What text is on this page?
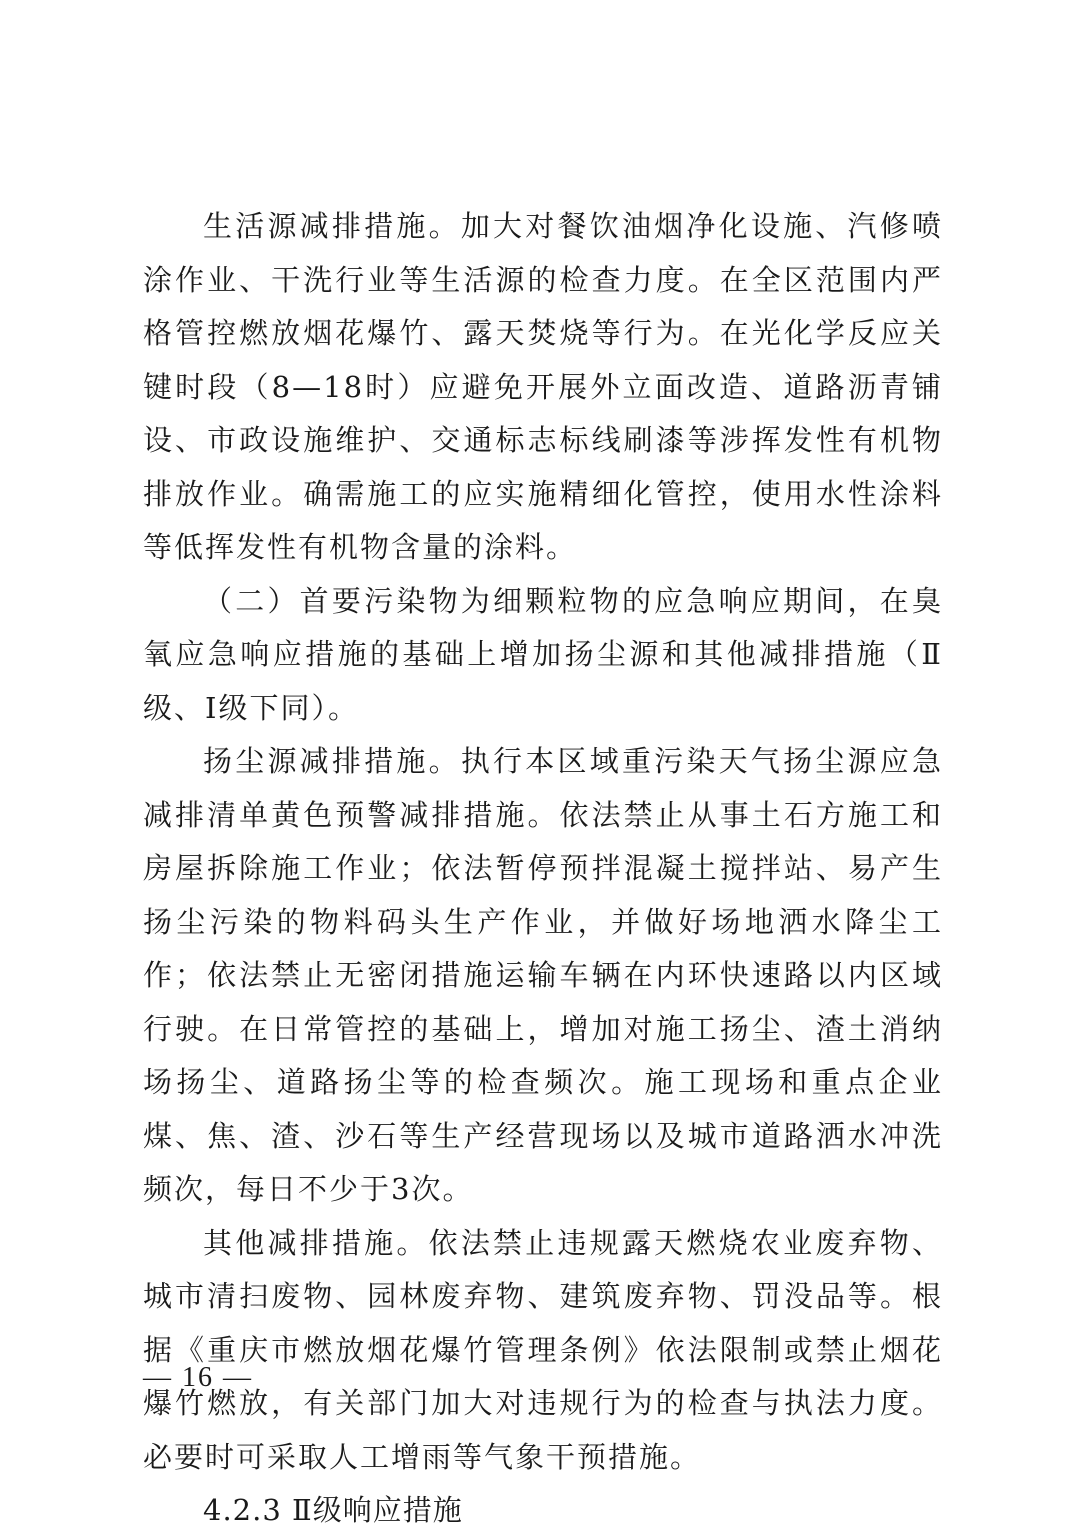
生活源减排措施。加大对餐饮油烟净化设施、汽修喷涂作业、干洗行业等生活源的检查力度。在全区范围内严格管控燃放烟花爆竹、露天焚烧等行为。在光化学反应关键时段（8—18时）应避免开展外立面改造、道路沥青铺设、市政设施维护、交通标志标线刷漆等涉挥发性有机物排放作业。确需施工的应实施精细化管控，使用水性涂料等低挥发性有机物含量的涂料。

（二）首要污染物为细颗粒物的应急响应期间，在臭氧应急响应措施的基础上增加扬尘源和其他减排措施（Ⅱ级、Ⅰ级下同）。

扬尘源减排措施。执行本区域重污染天气扬尘源应急减排清单黄色预警减排措施。依法禁止从事土石方施工和房屋拆除施工作业；依法暂停预拌混凝土搅拌站、易产生扬尘污染的物料码头生产作业，并做好场地洒水降尘工作；依法禁止无密闭措施运输车辆在内环快速路以内区域行驶。在日常管控的基础上，增加对施工扬尘、渣土消纳场扬尘、道路扬尘等的检查频次。施工现场和重点企业煤、焦、渣、沙石等生产经营现场以及城市道路洒水冲洗频次，每日不少于3次。

其他减排措施。依法禁止违规露天燃烧农业废弃物、城市清扫废物、园林废弃物、建筑废弃物、罚没品等。根据《重庆市燃放烟花爆竹管理条例》依法限制或禁止烟花爆竹燃放，有关部门加大对违规行为的检查与执法力度。必要时可采取人工增雨等气象干预措施。

4.2.3 Ⅱ级响应措施

— 16 —
